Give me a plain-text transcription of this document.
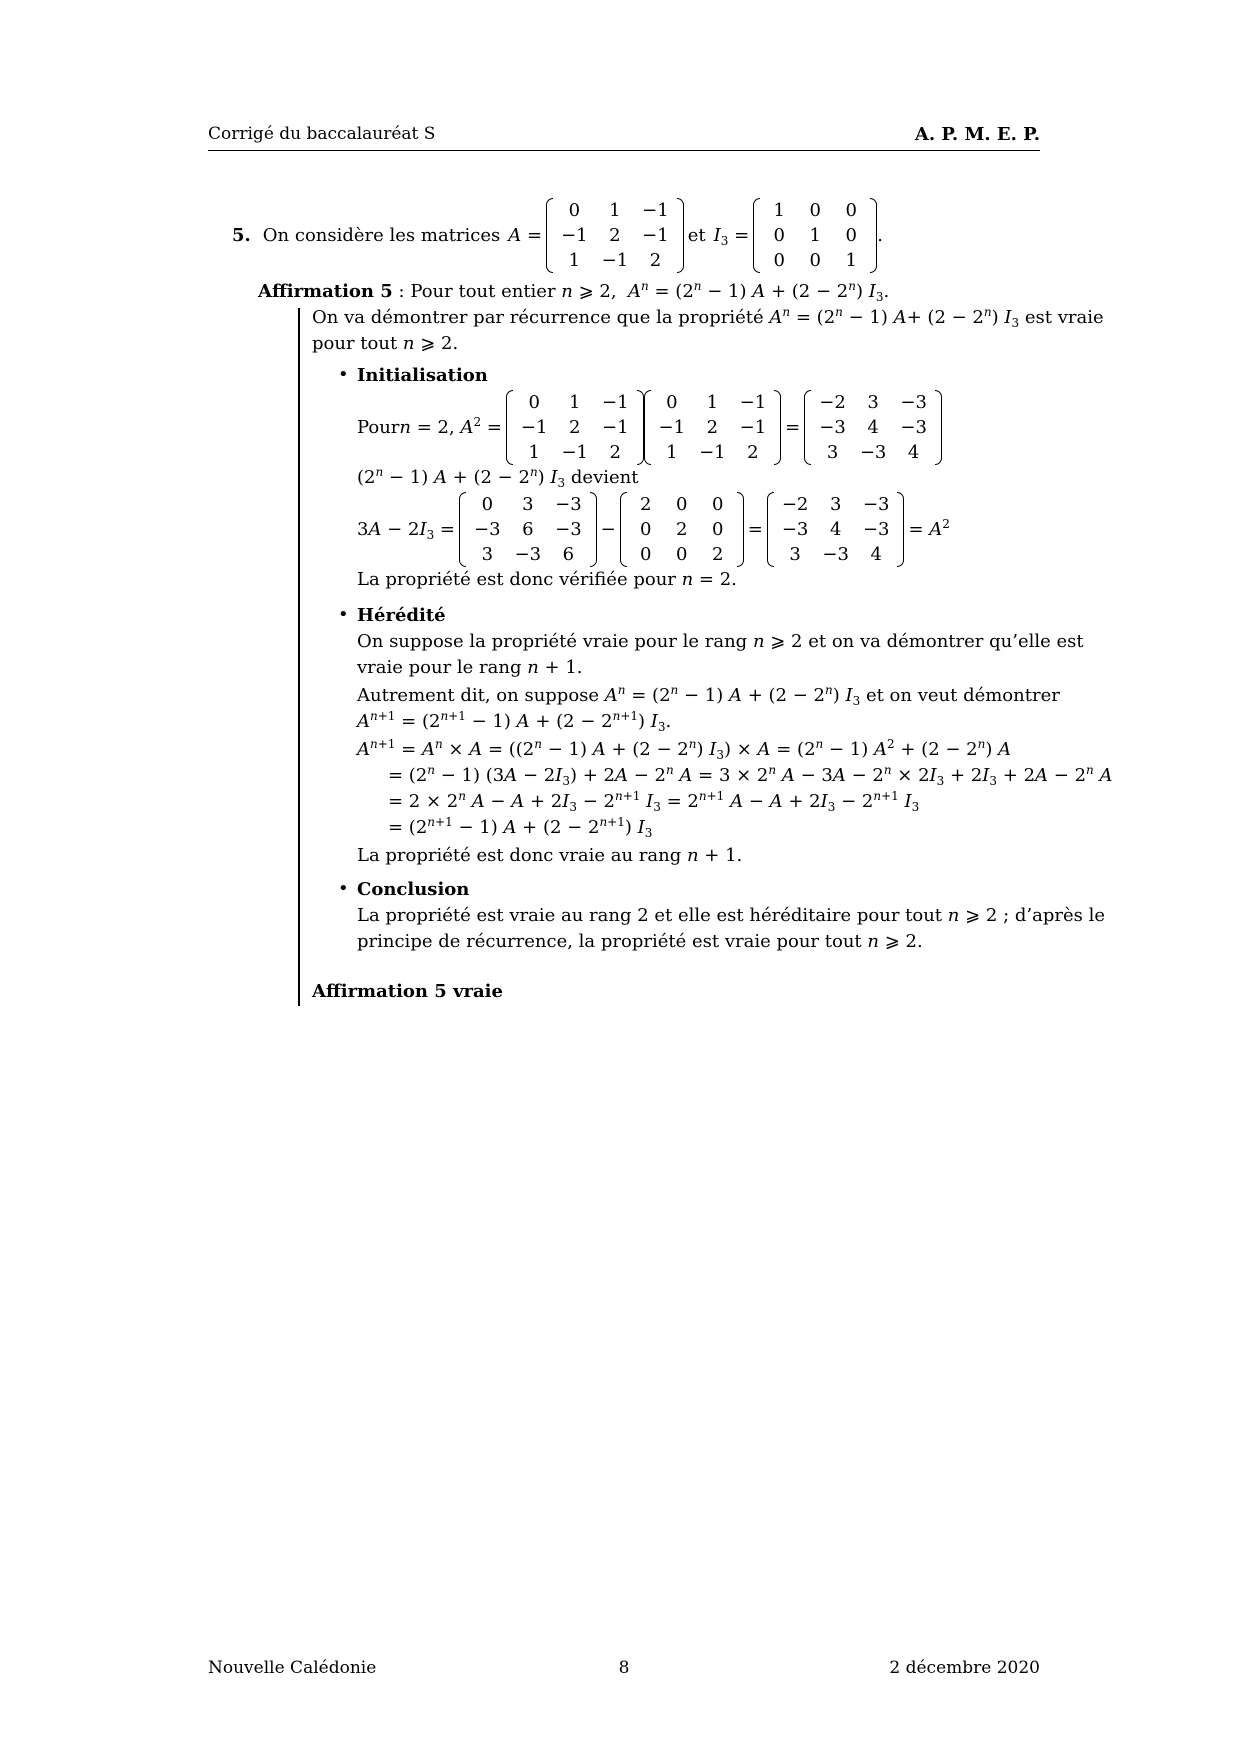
Corrigé du baccalauréat S	A. P. M. E. P.
5. On considère les matrices A =
0	1	−1
−1	2	−1
1	−1	2
et $I_3$ =
1	0	0
0	1	0
0	0	1
.
Affirmation 5 : Pour tout entier n ⩾ 2,  $A^n = (2^n - 1) A + (2 - 2^n)$ $I_3$.
On va démontrer par récurrence que la propriété $A^n = (2^n - 1)$ $A+ (2 - 2^n)$ $I_3$ est vraie
pour tout n ⩾ 2.
• Initialisation
Pour n = 2, $A^2$ =
0	1	−1
−1	2	−1
1	−1	2
0	1	−1
−1	2	−1
1	−1	2
=
−2	3	−3
−3	4	−3
3	−3	4
$(2^n - 1) A + (2 - 2^n)$ $I_3$ devient
$3A - 2I_3$ =
0	3	−3
−3	6	−3
3	−3	6
−
2	0	0
0	2	0
0	0	2
=
−2	3	−3
−3	4	−3
3	−3	4
= $A^2$
La propriété est donc vérifiée pour n = 2.
• Hérédité
On suppose la propriété vraie pour le rang n ⩾ 2 et on va démontrer qu’elle est
vraie pour le rang n + 1.
Autrement dit, on suppose $A^n = (2^n - 1) A + (2 - 2^n)$ $I_3$ et on veut démontrer
$A^{n+1} = (2^{n+1} - 1) A + (2 - 2^{n+1})$ $I_3$.
$A^{n+1} = A^n \times A = ((2^n - 1) A + (2 - 2^n) I_3) \times A = (2^n - 1) A^2 + (2 - 2^n)$ A
= $(2^n - 1) (3A - 2I_3) + 2A - 2^n$ $A = 3 \times 2^n$ $A - 3A - 2^n \times 2I_3 + 2I_3 + 2A - 2^n$ A
= $2 \times 2^n$ $A - A + 2I_3 - 2^{n+1}$ $I_3 = 2^{n+1}$ $A - A + 2I_3 - 2^{n+1}$ $I_3$
= $(2^{n+1} - 1) A + (2 - 2^{n+1})$ $I_3$
La propriété est donc vraie au rang n + 1.
• Conclusion
La propriété est vraie au rang 2 et elle est héréditaire pour tout n ⩾ 2 ; d’après le
principe de récurrence, la propriété est vraie pour tout n ⩾ 2.
Affirmation 5 vraie
Nouvelle Calédonie	8	2 décembre 2020
